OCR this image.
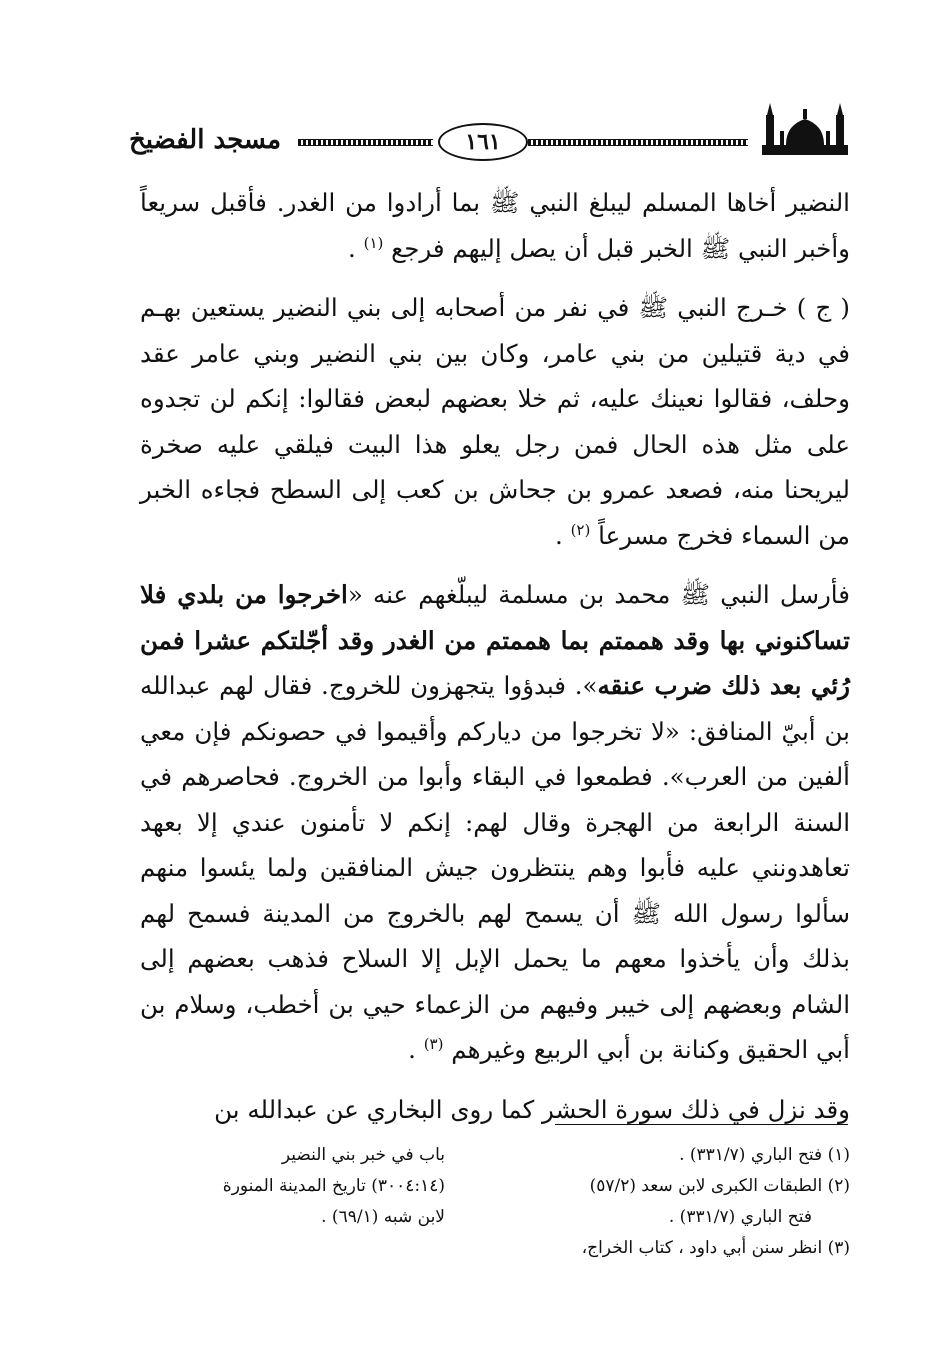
١٦١
مسجد الفضيخ

النضير أخاها المسلم ليبلغ النبي ﷺ بما أرادوا من الغدر. فأقبل سريعاً وأخبر النبي ﷺ الخبر قبل أن يصل إليهم فرجع $^{(١)}$ .

( ج ) خـرج النبي ﷺ في نفر من أصحابه إلى بني النضير يستعين بهـم في دية قتيلين من بني عامر، وكان بين بني النضير وبني عامر عقد وحلف، فقالوا نعينك عليه، ثم خلا بعضهم لبعض فقالوا: إنكم لن تجدوه على مثل هذه الحال فمن رجل يعلو هذا البيت فيلقي عليه صخرة ليريحنا منه، فصعد عمرو بن جحاش بن كعب إلى السطح فجاءه الخبر من السماء فخرج مسرعاً $^{(٢)}$ .

فأرسل النبي ﷺ محمد بن مسلمة ليبلّغهم عنه «اخرجوا من بلدي فلا تساكنوني بها وقد هممتم بما هممتم من الغدر وقد أجّلتكم عشرا فمن رُئي بعد ذلك ضرب عنقه». فبدؤوا يتجهزون للخروج. فقال لهم عبدالله بن أبيّ المنافق: «لا تخرجوا من دياركم وأقيموا في حصونكم فإن معي ألفين من العرب». فطمعوا في البقاء وأبوا من الخروج. فحاصرهم في السنة الرابعة من الهجرة وقال لهم: إنكم لا تأمنون عندي إلا بعهد تعاهدونني عليه فأبوا وهم ينتظرون جيش المنافقين ولما يئسوا منهم سألوا رسول الله ﷺ أن يسمح لهم بالخروج من المدينة فسمح لهم بذلك وأن يأخذوا معهم ما يحمل الإبل إلا السلاح فذهب بعضهم إلى الشام وبعضهم إلى خيبر وفيهم من الزعماء حيي بن أخطب، وسلام بن أبي الحقيق وكنانة بن أبي الربيع وغيرهم $^{(٣)}$ .

وقد نزل في ذلك سورة الحشر كما روى البخاري عن عبدالله بن

(١) فتح الباري (٣٣١/٧) .
(٢) الطبقات الكبرى لابن سعد (٥٧/٢)
فتح الباري (٣٣١/٧) .
(٣) انظر سنن أبي داود ، كتاب الخراج،
باب في خبر بني النضير
(٣٠٠٤:١٤) تاريخ المدينة المنورة
لابن شبه (٦٩/١) .
